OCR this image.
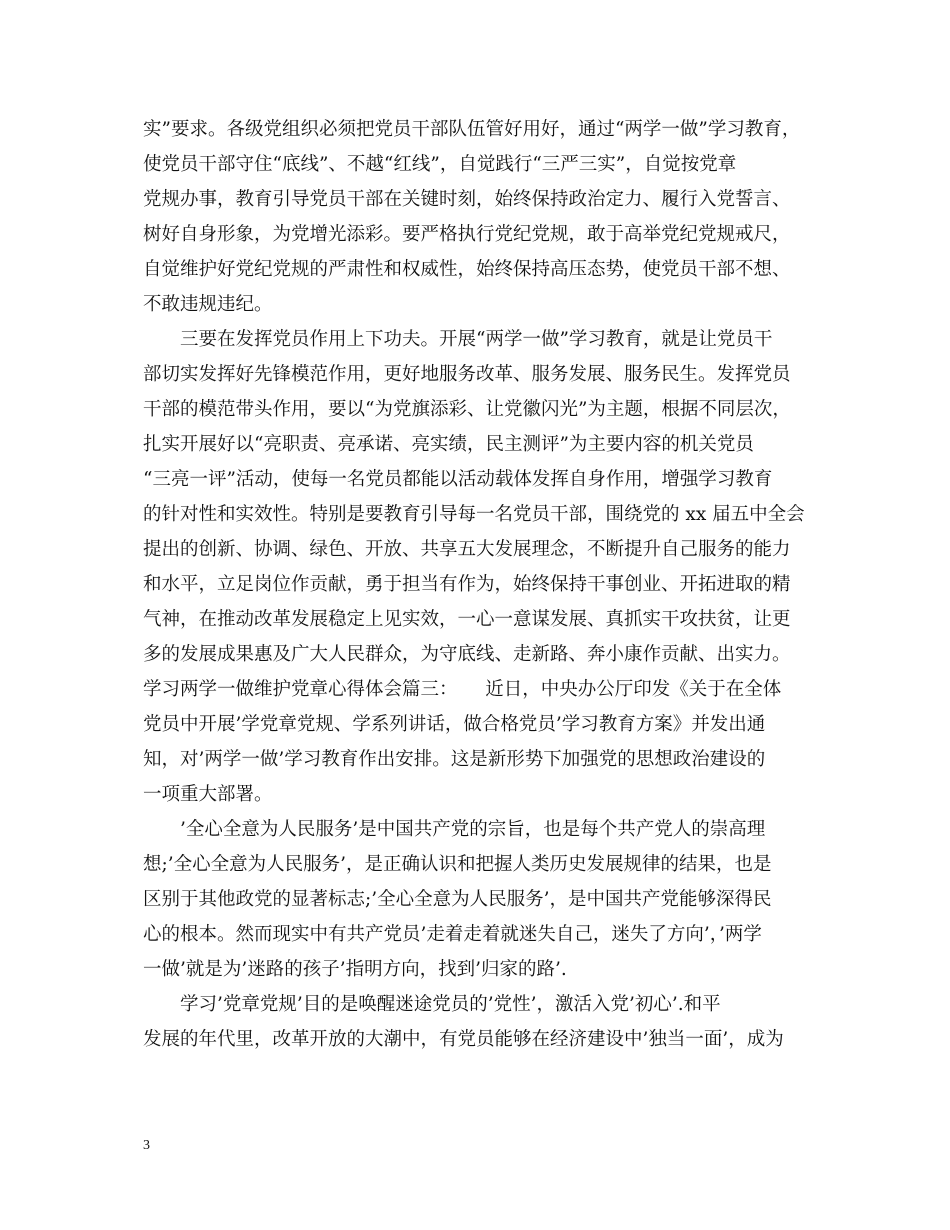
实”要求。各级党组织必须把党员干部队伍管好用好，通过“两学一做”学习教育，
使党员干部守住“底线”、不越“红线”，自觉践行“三严三实”，自觉按党章
党规办事，教育引导党员干部在关键时刻，始终保持政治定力、履行入党誓言、
树好自身形象，为党增光添彩。要严格执行党纪党规，敢于高举党纪党规戒尺，
自觉维护好党纪党规的严肃性和权威性，始终保持高压态势，使党员干部不想、
不敢违规违纪。
　　三要在发挥党员作用上下功夫。开展“两学一做”学习教育，就是让党员干
部切实发挥好先锋模范作用，更好地服务改革、服务发展、服务民生。发挥党员
干部的模范带头作用，要以“为党旗添彩、让党徽闪光”为主题，根据不同层次，
扎实开展好以“亮职责、亮承诺、亮实绩，民主测评”为主要内容的机关党员
“三亮一评”活动，使每一名党员都能以活动载体发挥自身作用，增强学习教育
的针对性和实效性。特别是要教育引导每一名党员干部，围绕党的 xx 届五中全会
提出的创新、协调、绿色、开放、共享五大发展理念，不断提升自己服务的能力
和水平，立足岗位作贡献，勇于担当有作为，始终保持干事创业、开拓进取的精
气神，在推动改革发展稳定上见实效，一心一意谋发展、真抓实干攻扶贫，让更
多的发展成果惠及广大人民群众，为守底线、走新路、奔小康作贡献、出实力。
学习两学一做维护党章心得体会篇三：　　近日，中央办公厅印发《关于在全体
党员中开展’学党章党规、学系列讲话，做合格党员’学习教育方案》并发出通
知，对’两学一做’学习教育作出安排。这是新形势下加强党的思想政治建设的
一项重大部署。
　　’全心全意为人民服务’是中国共产党的宗旨，也是每个共产党人的崇高理
想;’全心全意为人民服务’，是正确认识和把握人类历史发展规律的结果，也是
区别于其他政党的显著标志;’全心全意为人民服务’，是中国共产党能够深得民
心的根本。然而现实中有共产党员’走着走着就迷失自己，迷失了方向’，’两学
一做’就是为’迷路的孩子’指明方向，找到’归家的路’.
　　学习’党章党规’目的是唤醒迷途党员的’党性’，激活入党’初心’.和平
发展的年代里，改革开放的大潮中，有党员能够在经济建设中’独当一面’，成为
3
